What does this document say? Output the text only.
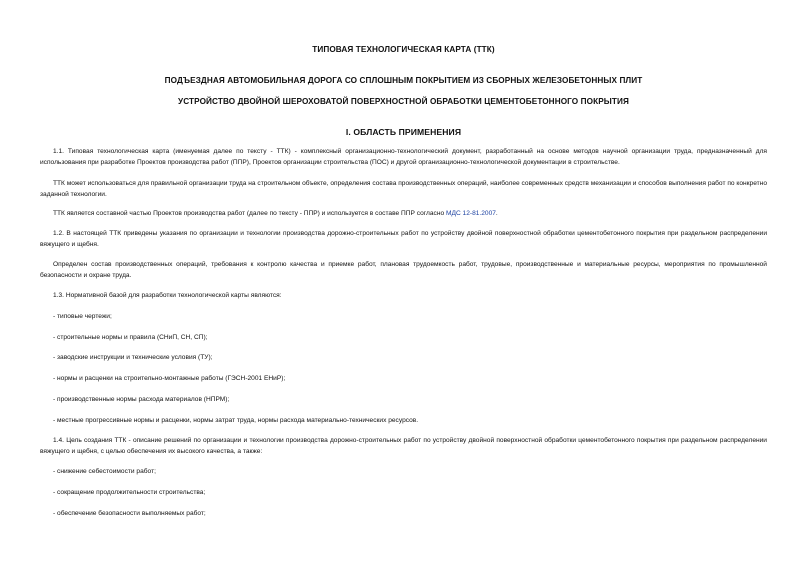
ТИПОВАЯ ТЕХНОЛОГИЧЕСКАЯ КАРТА (ТТК)
ПОДЪЕЗДНАЯ АВТОМОБИЛЬНАЯ ДОРОГА СО СПЛОШНЫМ ПОКРЫТИЕМ ИЗ СБОРНЫХ ЖЕЛЕЗОБЕТОННЫХ ПЛИТ
УСТРОЙСТВО ДВОЙНОЙ ШЕРОХОВАТОЙ ПОВЕРХНОСТНОЙ ОБРАБОТКИ ЦЕМЕНТОБЕТОННОГО ПОКРЫТИЯ
I. ОБЛАСТЬ ПРИМЕНЕНИЯ

1.1. Типовая технологическая карта (именуемая далее по тексту - ТТК) - комплексный организационно-технологический документ, разработанный на основе методов научной организации труда, предназначенный для использования при разработке Проектов производства работ (ППР), Проектов организации строительства (ПОС) и другой организационно-технологической документации в строительстве.

ТТК может использоваться для правильной организации труда на строительном объекте, определения состава производственных операций, наиболее современных средств механизации и способов выполнения работ по конкретно заданной технологии.

ТТК является составной частью Проектов производства работ (далее по тексту - ППР) и используется в составе ППР согласно МДС 12-81.2007.

1.2. В настоящей ТТК приведены указания по организации и технологии производства дорожно-строительных работ по устройству двойной поверхностной обработки цементобетонного покрытия при раздельном распределении вяжущего и щебня.

Определен состав производственных операций, требования к контролю качества и приемке работ, плановая трудоемкость работ, трудовые, производственные и материальные ресурсы, мероприятия по промышленной безопасности и охране труда.

1.3. Нормативной базой для разработки технологической карты являются:

- типовые чертежи;

- строительные нормы и правила (СНиП, СН, СП);

- заводские инструкции и технические условия (ТУ);

- нормы и расценки на строительно-монтажные работы (ГЭСН-2001 ЕНиР);

- производственные нормы расхода материалов (НПРМ);

- местные прогрессивные нормы и расценки, нормы затрат труда, нормы расхода материально-технических ресурсов.

1.4. Цель создания ТТК - описание решений по организации и технологии производства дорожно-строительных работ по устройству двойной поверхностной обработки цементобетонного покрытия при раздельном распределении вяжущего и щебня, с целью обеспечения их высокого качества, а также:

- снижение себестоимости работ;

- сокращение продолжительности строительства;

- обеспечение безопасности выполняемых работ;
